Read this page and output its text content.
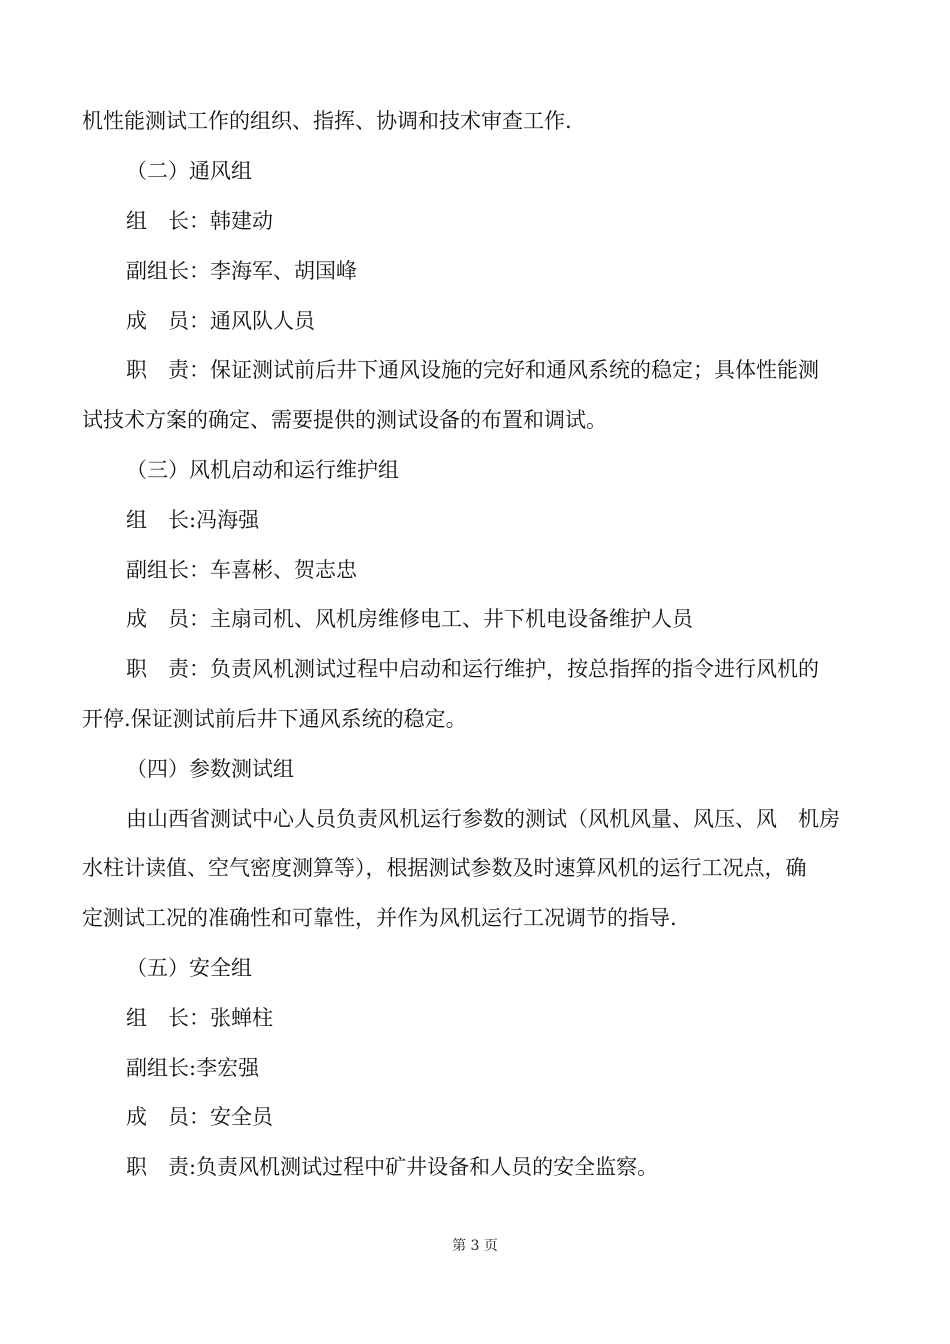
机性能测试工作的组织、指挥、协调和技术审查工作.
（二）通风组
组　长：韩建动
副组长：李海军、胡国峰
成　员：通风队人员
职　责：保证测试前后井下通风设施的完好和通风系统的稳定；具体性能测
试技术方案的确定、需要提供的测试设备的布置和调试。
（三）风机启动和运行维护组
组　长:冯海强
副组长：车喜彬、贺志忠
成　员：主扇司机、风机房维修电工、井下机电设备维护人员
职　责：负责风机测试过程中启动和运行维护，按总指挥的指令进行风机的
开停.保证测试前后井下通风系统的稳定。
（四）参数测试组
由山西省测试中心人员负责风机运行参数的测试（风机风量、风压、风　机房
水柱计读值、空气密度测算等），根据测试参数及时速算风机的运行工况点，确
定测试工况的准确性和可靠性，并作为风机运行工况调节的指导.
（五）安全组
组　长：张蝉柱
副组长:李宏强
成　员：安全员
职　责:负责风机测试过程中矿井设备和人员的安全监察。
第 3 页
